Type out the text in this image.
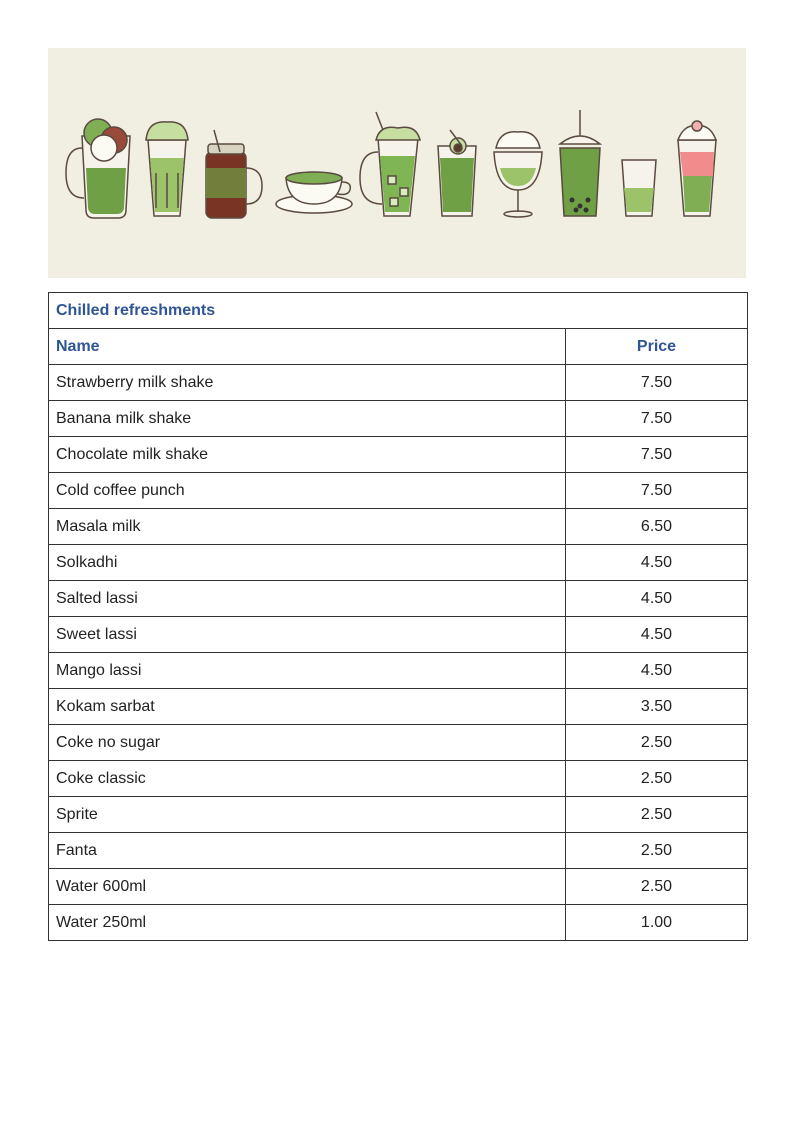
Chilled refreshments	
Name	Price
Strawberry milk shake	7.50
Banana milk shake	7.50
Chocolate milk shake	7.50
Cold coffee punch	7.50
Masala milk	6.50
Solkadhi	4.50
Salted lassi	4.50
Sweet lassi	4.50
Mango lassi	4.50
Kokam sarbat	3.50
Coke no sugar	2.50
Coke classic	2.50
Sprite	2.50
Fanta	2.50
Water 600ml	2.50
Water 250ml	1.00
